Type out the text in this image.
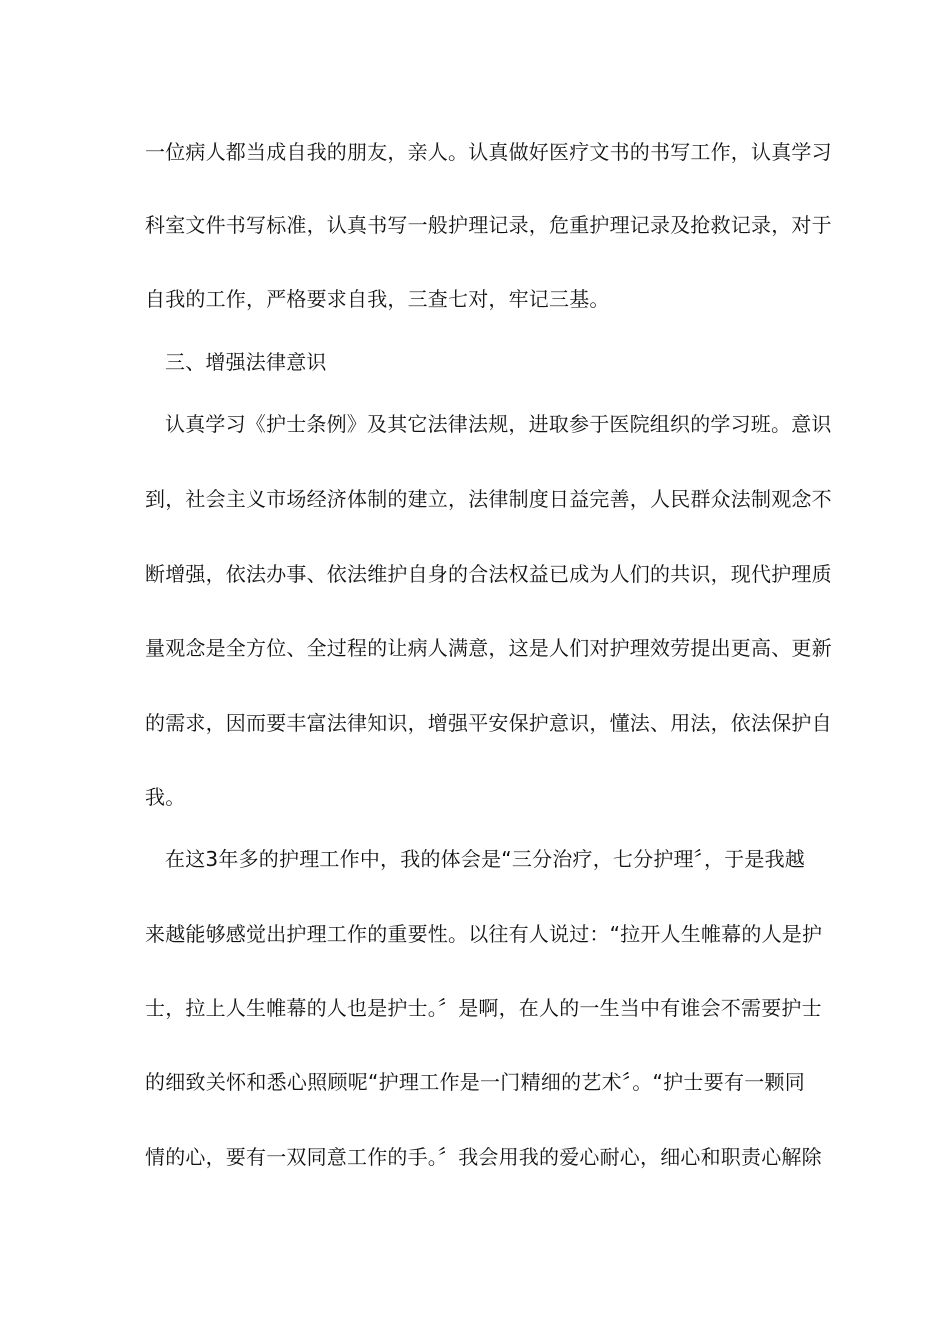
一位病人都当成自我的朋友，亲人。认真做好医疗文书的书写工作，认真学习
科室文件书写标准，认真书写一般护理记录，危重护理记录及抢救记录，对于
自我的工作，严格要求自我，三查七对，牢记三基。
三、增强法律意识
认真学习《护士条例》及其它法律法规，进取参于医院组织的学习班。意识
到，社会主义市场经济体制的建立，法律制度日益完善，人民群众法制观念不
断增强，依法办事、依法维护自身的合法权益已成为人们的共识，现代护理质
量观念是全方位、全过程的让病人满意，这是人们对护理效劳提出更高、更新
的需求，因而要丰富法律知识，增强平安保护意识，懂法、用法，依法保护自
我。
在这3年多的护理工作中，我的体会是“三分治疗，七分护理〞，于是我越
来越能够感觉出护理工作的重要性。以往有人说过：“拉开人生帷幕的人是护
士，拉上人生帷幕的人也是护士。〞是啊，在人的一生当中有谁会不需要护士
的细致关怀和悉心照顾呢“护理工作是一门精细的艺术〞。“护士要有一颗同
情的心，要有一双同意工作的手。〞我会用我的爱心耐心，细心和职责心解除
